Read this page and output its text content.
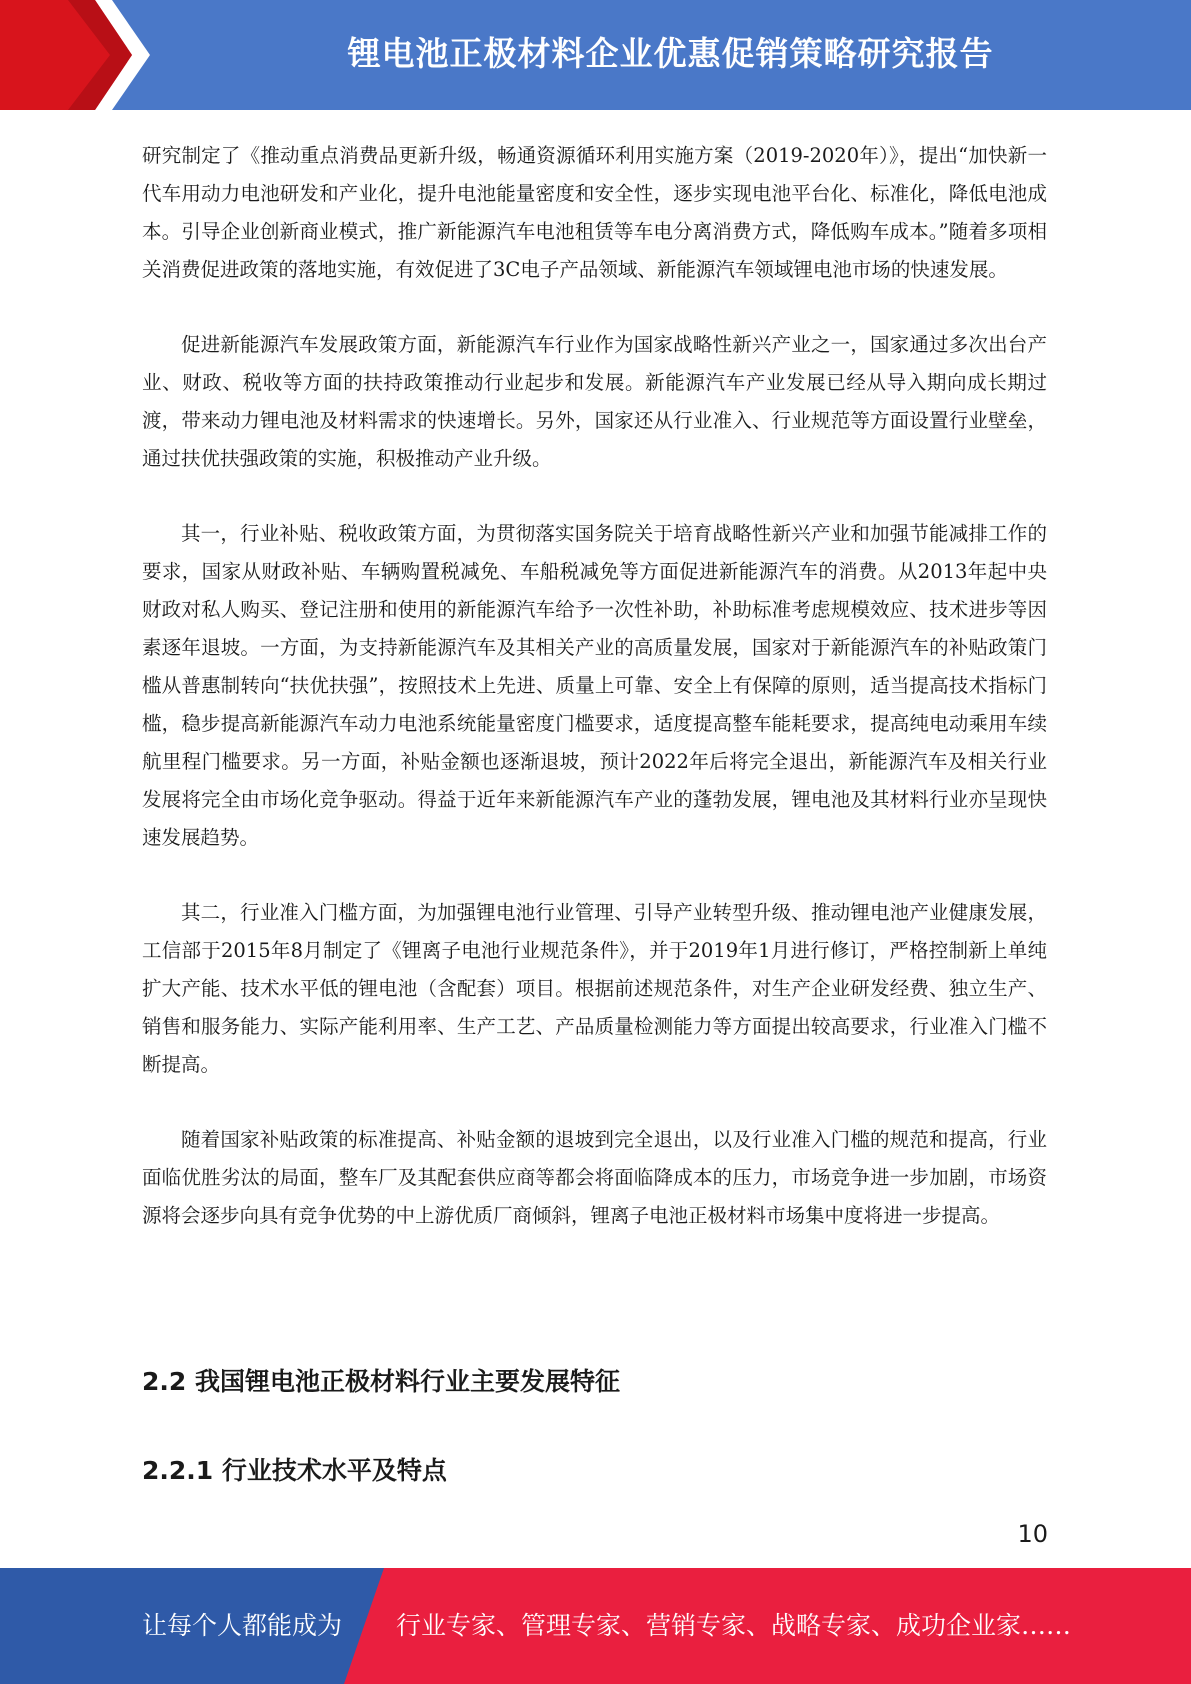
锂电池正极材料企业优惠促销策略研究报告

研究制定了《推动重点消费品更新升级，畅通资源循环利用实施方案（2019-2020年）》，提出“加快新一代车用动力电池研发和产业化，提升电池能量密度和安全性，逐步实现电池平台化、标准化，降低电池成本。引导企业创新商业模式，推广新能源汽车电池租赁等车电分离消费方式，降低购车成本。”随着多项相关消费促进政策的落地实施，有效促进了3C电子产品领域、新能源汽车领域锂电池市场的快速发展。

促进新能源汽车发展政策方面，新能源汽车行业作为国家战略性新兴产业之一，国家通过多次出台产业、财政、税收等方面的扶持政策推动行业起步和发展。新能源汽车产业发展已经从导入期向成长期过渡，带来动力锂电池及材料需求的快速增长。另外，国家还从行业准入、行业规范等方面设置行业壁垒，通过扶优扶强政策的实施，积极推动产业升级。

其一，行业补贴、税收政策方面，为贯彻落实国务院关于培育战略性新兴产业和加强节能减排工作的要求，国家从财政补贴、车辆购置税减免、车船税减免等方面促进新能源汽车的消费。从2013年起中央财政对私人购买、登记注册和使用的新能源汽车给予一次性补助，补助标准考虑规模效应、技术进步等因素逐年退坡。一方面，为支持新能源汽车及其相关产业的高质量发展，国家对于新能源汽车的补贴政策门槛从普惠制转向“扶优扶强”，按照技术上先进、质量上可靠、安全上有保障的原则，适当提高技术指标门槛，稳步提高新能源汽车动力电池系统能量密度门槛要求，适度提高整车能耗要求，提高纯电动乘用车续航里程门槛要求。另一方面，补贴金额也逐渐退坡，预计2022年后将完全退出，新能源汽车及相关行业发展将完全由市场化竞争驱动。得益于近年来新能源汽车产业的蓬勃发展，锂电池及其材料行业亦呈现快速发展趋势。

其二，行业准入门槛方面，为加强锂电池行业管理、引导产业转型升级、推动锂电池产业健康发展，工信部于2015年8月制定了《锂离子电池行业规范条件》，并于2019年1月进行修订，严格控制新上单纯扩大产能、技术水平低的锂电池（含配套）项目。根据前述规范条件，对生产企业研发经费、独立生产、销售和服务能力、实际产能利用率、生产工艺、产品质量检测能力等方面提出较高要求，行业准入门槛不断提高。

随着国家补贴政策的标准提高、补贴金额的退坡到完全退出，以及行业准入门槛的规范和提高，行业面临优胜劣汰的局面，整车厂及其配套供应商等都会将面临降成本的压力，市场竞争进一步加剧，市场资源将会逐步向具有竞争优势的中上游优质厂商倾斜，锂离子电池正极材料市场集中度将进一步提高。

2.2 我国锂电池正极材料行业主要发展特征
2.2.1 行业技术水平及特点
10
让每个人都能成为 行业专家、管理专家、营销专家、战略专家、成功企业家……
